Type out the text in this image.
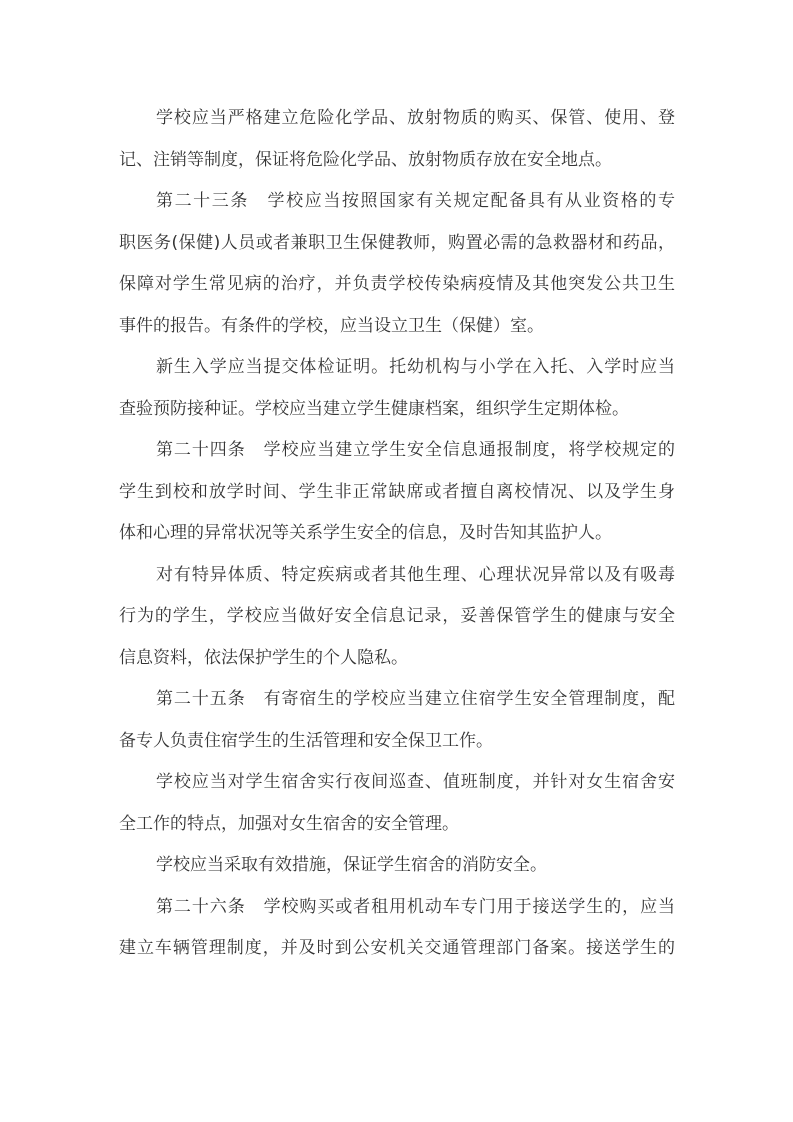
学校应当严格建立危险化学品、放射物质的购买、保管、使用、登
记、注销等制度，保证将危险化学品、放射物质存放在安全地点。
第二十三条　学校应当按照国家有关规定配备具有从业资格的专
职医务(保健)人员或者兼职卫生保健教师，购置必需的急救器材和药品，
保障对学生常见病的治疗，并负责学校传染病疫情及其他突发公共卫生
事件的报告。有条件的学校，应当设立卫生（保健）室。
新生入学应当提交体检证明。托幼机构与小学在入托、入学时应当
查验预防接种证。学校应当建立学生健康档案，组织学生定期体检。
第二十四条　学校应当建立学生安全信息通报制度，将学校规定的
学生到校和放学时间、学生非正常缺席或者擅自离校情况、以及学生身
体和心理的异常状况等关系学生安全的信息，及时告知其监护人。
对有特异体质、特定疾病或者其他生理、心理状况异常以及有吸毒
行为的学生，学校应当做好安全信息记录，妥善保管学生的健康与安全
信息资料，依法保护学生的个人隐私。
第二十五条　有寄宿生的学校应当建立住宿学生安全管理制度，配
备专人负责住宿学生的生活管理和安全保卫工作。
学校应当对学生宿舍实行夜间巡查、值班制度，并针对女生宿舍安
全工作的特点，加强对女生宿舍的安全管理。
学校应当采取有效措施，保证学生宿舍的消防安全。
第二十六条　学校购买或者租用机动车专门用于接送学生的，应当
建立车辆管理制度，并及时到公安机关交通管理部门备案。接送学生的
